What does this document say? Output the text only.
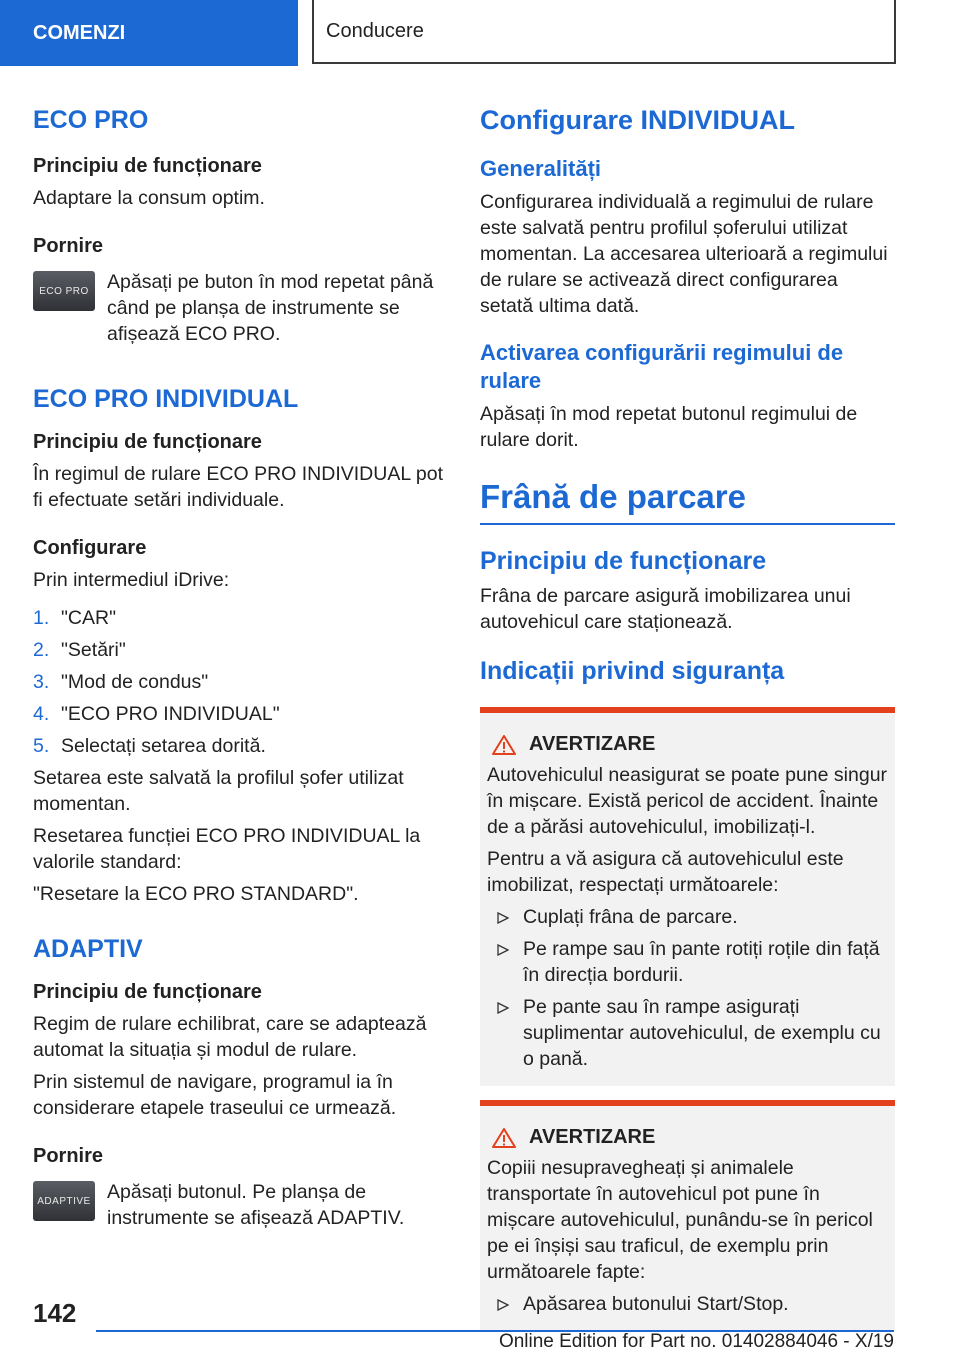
COMENZI	Conducere
ECO PRO
Principiu de funcționare

Adaptare la consum optim.

Pornire
ECO PRO Apăsați pe buton în mod repetat până când pe planșa de instrumente se afișează ECO PRO.

ECO PRO INDIVIDUAL
Principiu de funcționare

În regimul de rulare ECO PRO INDIVIDUAL pot fi efectuate setări individuale.

Configurare

Prin intermediul iDrive:

1. "CAR"
2. "Setări"
3. "Mod de condus"
4. "ECO PRO INDIVIDUAL"
5. Selectați setarea dorită.

Setarea este salvată la profilul șofer utilizat momentan.

Resetarea funcției ECO PRO INDIVIDUAL la valorile standard:

"Resetare la ECO PRO STANDARD".

ADAPTIV
Principiu de funcționare

Regim de rulare echilibrat, care se adaptează automat la situația și modul de rulare.

Prin sistemul de navigare, programul ia în considerare etapele traseului ce urmează.

Pornire
ADAPTIVE Apăsați butonul. Pe planșa de instrumente se afișează ADAPTIV.

Configurare INDIVIDUAL
Generalități

Configurarea individuală a regimului de rulare este salvată pentru profilul șoferului utilizat momentan. La accesarea ulterioară a regimului de rulare se activează direct configurarea setată ultima dată.

Activarea configurării regimului de rulare

Apăsați în mod repetat butonul regimului de rulare dorit.

Frână de parcare
Principiu de funcționare

Frâna de parcare asigură imobilizarea unui autovehicul care staționează.

Indicații privind siguranța
AVERTIZARE

Autovehiculul neasigurat se poate pune singur în mișcare. Există pericol de accident. Înainte de a părăsi autovehiculul, imobilizați-l.

Pentru a vă asigura că autovehiculul este imobilizat, respectați următoarele:

Cuplați frâna de parcare.
Pe rampe sau în pante rotiți roțile din față în direcția bordurii.
Pe pante sau în rampe asigurați suplimentar autovehiculul, de exemplu cu o pană.
AVERTIZARE

Copiii nesupravegheați și animalele transportate în autovehicul pot pune în mișcare autovehiculul, punându-se în pericol pe ei înșiși sau traficul, de exemplu prin următoarele fapte:

Apăsarea butonului Start/Stop.
142
Online Edition for Part no. 01402884046 - X/19
